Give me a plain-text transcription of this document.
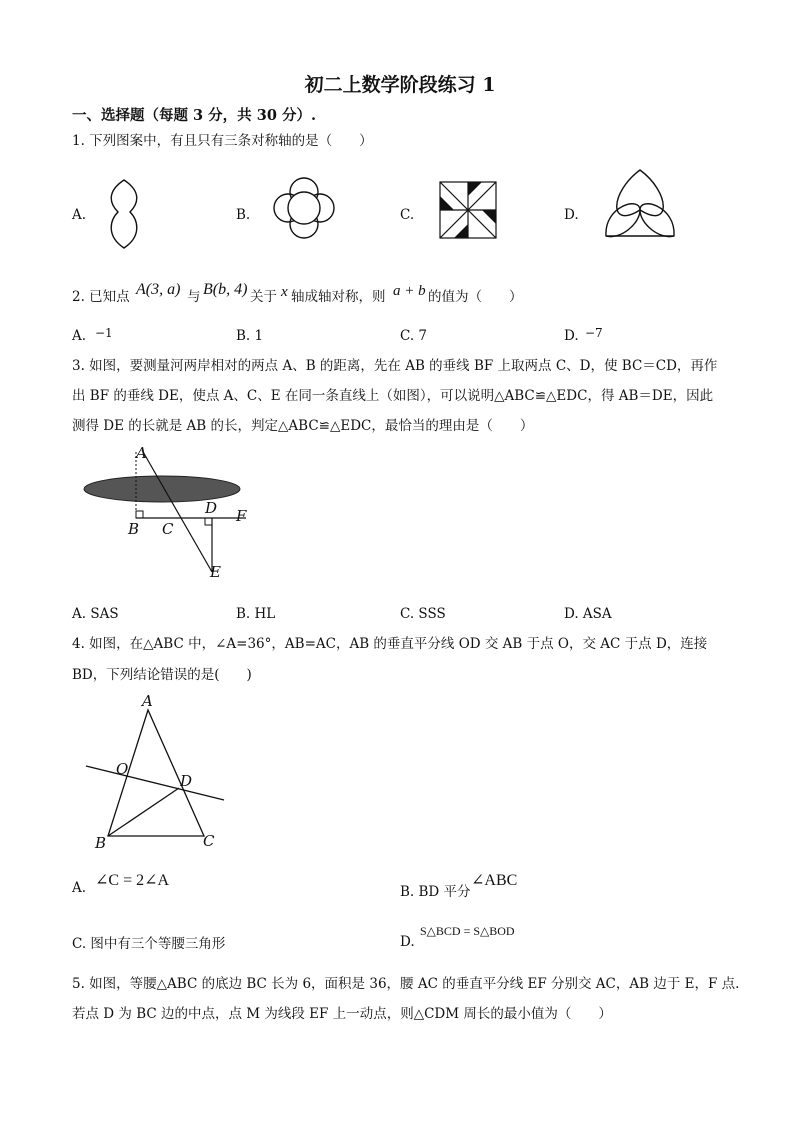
初二上数学阶段练习 1
一、选择题（每题 3 分，共 30 分）.
1. 下列图案中，有且只有三条对称轴的是（　　）
A.	B.	C.	D.
2. 已知点 A(3, a) 与 B(b, 4) 关于 x 轴成轴对称，则 a + b 的值为（　　）
A. −1	B. 1	C. 7	D. −7
3. 如图，要测量河两岸相对的两点 A、B 的距离，先在 AB 的垂线 BF 上取两点 C、D，使 BC＝CD，再作
出 BF 的垂线 DE，使点 A、C、E 在同一条直线上（如图），可以说明△ABC≌△EDC，得 AB＝DE，因此
测得 DE 的长就是 AB 的长，判定△ABC≌△EDC，最恰当的理由是（　　）
A
B C
D F
E
A. SAS	B. HL	C. SSS	D. ASA
4. 如图，在△ABC 中，∠A=36°，AB=AC，AB 的垂直平分线 OD 交 AB 于点 O，交 AC 于点 D，连接
BD，下列结论错误的是(　　)
A
O
D
B	C
A. ∠C = 2∠A
B. BD 平分
∠ABC
C. 图中有三个等腰三角形	D.
S△BCD = S△BOD
5. 如图，等腰△ABC 的底边 BC 长为 6，面积是 36，腰 AC 的垂直平分线 EF 分别交 AC，AB 边于 E，F 点.
若点 D 为 BC 边的中点，点 M 为线段 EF 上一动点，则△CDM 周长的最小值为（　　）
